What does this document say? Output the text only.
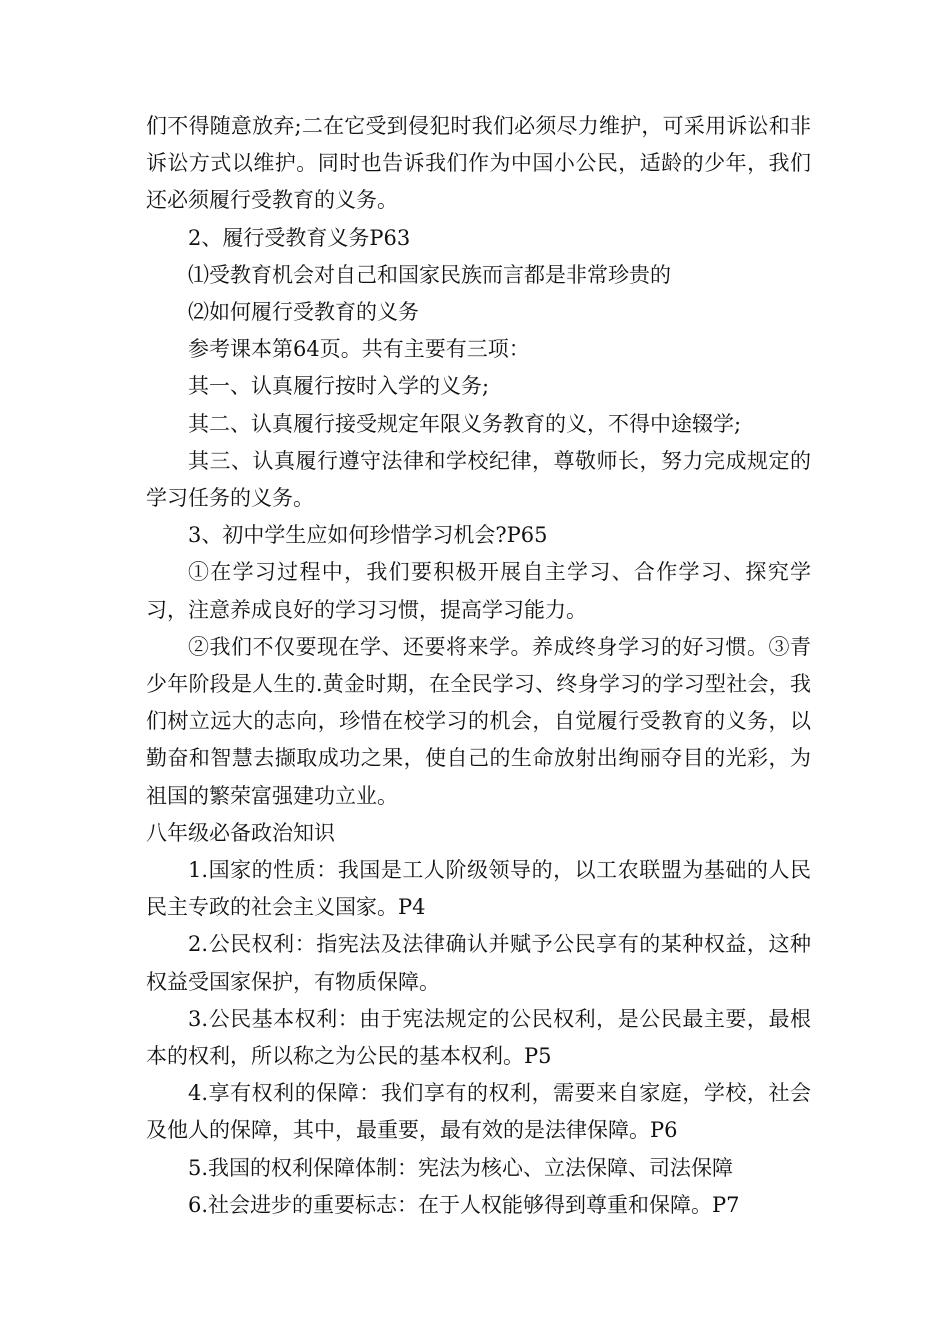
们不得随意放弃;二在它受到侵犯时我们必须尽力维护，可采用诉讼和非诉讼方式以维护。同时也告诉我们作为中国小公民，适龄的少年，我们还必须履行受教育的义务。

2、履行受教育义务P63

⑴受教育机会对自己和国家民族而言都是非常珍贵的

⑵如何履行受教育的义务

参考课本第64页。共有主要有三项：

其一、认真履行按时入学的义务;

其二、认真履行接受规定年限义务教育的义，不得中途辍学;

其三、认真履行遵守法律和学校纪律，尊敬师长，努力完成规定的学习任务的义务。

3、初中学生应如何珍惜学习机会?P65

①在学习过程中，我们要积极开展自主学习、合作学习、探究学习，注意养成良好的学习习惯，提高学习能力。

②我们不仅要现在学、还要将来学。养成终身学习的好习惯。③青少年阶段是人生的.黄金时期，在全民学习、终身学习的学习型社会，我们树立远大的志向，珍惜在校学习的机会，自觉履行受教育的义务，以勤奋和智慧去撷取成功之果，使自己的生命放射出绚丽夺目的光彩，为祖国的繁荣富强建功立业。

八年级必备政治知识

1.国家的性质：我国是工人阶级领导的，以工农联盟为基础的人民民主专政的社会主义国家。P4

2.公民权利：指宪法及法律确认并赋予公民享有的某种权益，这种权益受国家保护，有物质保障。

3.公民基本权利：由于宪法规定的公民权利，是公民最主要，最根本的权利，所以称之为公民的基本权利。P5

4.享有权利的保障：我们享有的权利，需要来自家庭，学校，社会及他人的保障，其中，最重要，最有效的是法律保障。P6

5.我国的权利保障体制：宪法为核心、立法保障、司法保障

6.社会进步的重要标志：在于人权能够得到尊重和保障。P7
